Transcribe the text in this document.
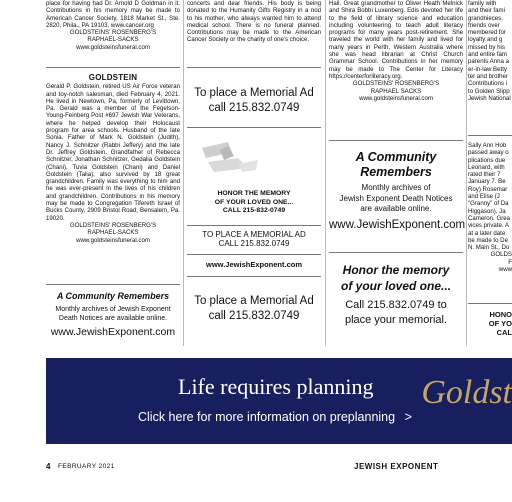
place for having had Dr. Arnold D Goldman in it. Contributions in his memory may be made to American Cancer Society, 1818 Market St., Ste. 2820, Phila., PA 19103, www.cancer.org

GOLDSTEINS' ROSENBERG'S

RAPHAEL-SACKS

www.goldsteinsfuneral.com

GOLDSTEIN

Gerald P. Goldstein, retired US Air Force veteran and toy-notch salesman, died February 4, 2021. He lived in Newtown, Pa, formerly of Levittown, Pa. Gerald was a member of the Fegelson-Young-Feinberg Post #697 Jewish War Veterans, where he helped develop their Holocaust program for area schools. Husband of the late Sonia. Father of Mark N. Goldstein (Judith), Nancy J. Schnitzer (Rabbi Jeffery) and the late Dr. Jeffrey Goldstein. Grandfather of Rebecca Schnitzer, Jonathan Schnitzer, Gedalia Goldstein (Chani), Tuvia Goldstein (Chani) and Daniel Goldstein (Talia), also survived by 18 great grandchildren. Family was everything to him and he was ever-present in the lives of his children and grandchildren. Contributions in his memory may be made to Congregation Tifereth Israel of Bucks County, 2909 Bristol Road, Bensalem, Pa. 19020.

GOLDSTEINS' ROSENBERG'S

RAPHAEL-SACKS

www.goldsteinsfuneral.com

A Community Remembers
Monthly archives of Jewish Exponent
Death Notices are available online.
www.JewishExponent.com

concerts and dear friends. His body is being donated to the Humanity Gifts Registry in a nod to his mother, who always wanted him to attend medical school. There is no funeral planned. Contributions may be made to the American Cancer Society or the charity of one's choice.

To place a Memorial Ad
call 215.832.0749
HONOR THE MEMORY
OF YOUR LOVED ONE...
CALL 215-832-0749
TO PLACE A MEMORIAL AD
CALL 215.832.0749
www.JewishExponent.com
To place a Memorial Ad
call 215.832.0749

Hall. Great grandmother to Oliver Heath Melnick and Shira Bobbi Luxenberg. Edis devoted her life to the field of library science and education including volunteering to teach adult literacy programs for many years post-retirement. She traveled the world with her family and lived for many years in Perth, Western Australia where she was head librarian at Christ Church Grammar School. Contributions in her memory may be made to The Center for Literacy https://centerforliteracy.org.

GOLDSTEINS' ROSENBERG'S

RAPHAEL SACKS

www.goldsteinsfuneral.com

A Community
Remembers
Monthly archives of
Jewish Exponent Death Notices
are available online.
www.JewishExponent.com
Honor the memory
of your loved one...
Call 215.832.0749 to
place your memorial.
family with
and their fami
grandnieces.
friends over
membered for
loyalty and g
missed by his
and entire fam
parents Anna a
er-in-law Betty
ter and brother
Contributions i
to Golden Slipp
Jewish National
Sally Ann Hob
passed away o
plications due
Leonard, with
rated their 7
January 7. Be
Roy) Rosemar
and Elise (J
"Granny" of Da
Higgason), Ja
Cameron. Grea
vices private. A
at a later date.
be made to De
N. Main St., Do
GOLDS
F
www
HONO
OF YO
CAL
Life requires planning
Click here for more information on preplanning >
Goldst
4 FEBRUARY 2021	JEWISH EXPONENT
